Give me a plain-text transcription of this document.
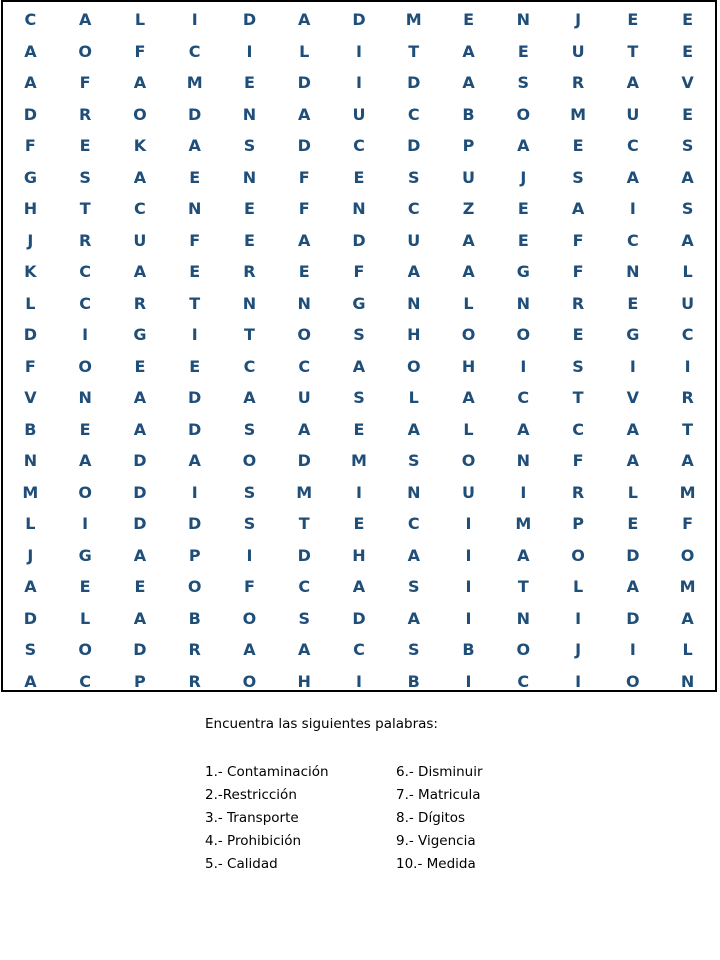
C	A	L	I	D	A	D	M	E	N	J	E	E
A	O	F	C	I	L	I	T	A	E	U	T	E
A	F	A	M	E	D	I	D	A	S	R	A	V
D	R	O	D	N	A	U	C	B	O	M	U	E
F	E	K	A	S	D	C	D	P	A	E	C	S
G	S	A	E	N	F	E	S	U	J	S	A	A
H	T	C	N	E	F	N	C	Z	E	A	I	S
J	R	U	F	E	A	D	U	A	E	F	C	A
K	C	A	E	R	E	F	A	A	G	F	N	L
L	C	R	T	N	N	G	N	L	N	R	E	U
D	I	G	I	T	O	S	H	O	O	E	G	C
F	O	E	E	C	C	A	O	H	I	S	I	I
V	N	A	D	A	U	S	L	A	C	T	V	R
B	E	A	D	S	A	E	A	L	A	C	A	T
N	A	D	A	O	D	M	S	O	N	F	A	A
M	O	D	I	S	M	I	N	U	I	R	L	M
L	I	D	D	S	T	E	C	I	M	P	E	F
J	G	A	P	I	D	H	A	I	A	O	D	O
A	E	E	O	F	C	A	S	I	T	L	A	M
D	L	A	B	O	S	D	A	I	N	I	D	A
S	O	D	R	A	A	C	S	B	O	J	I	L
A	C	P	R	O	H	I	B	I	C	I	O	N
Encuentra las siguientes palabras:
1.- Contaminación
2.-Restricción
3.- Transporte
4.- Prohibición
5.- Calidad
6.- Disminuir
7.- Matricula
8.- Dígitos
9.- Vigencia
10.- Medida
